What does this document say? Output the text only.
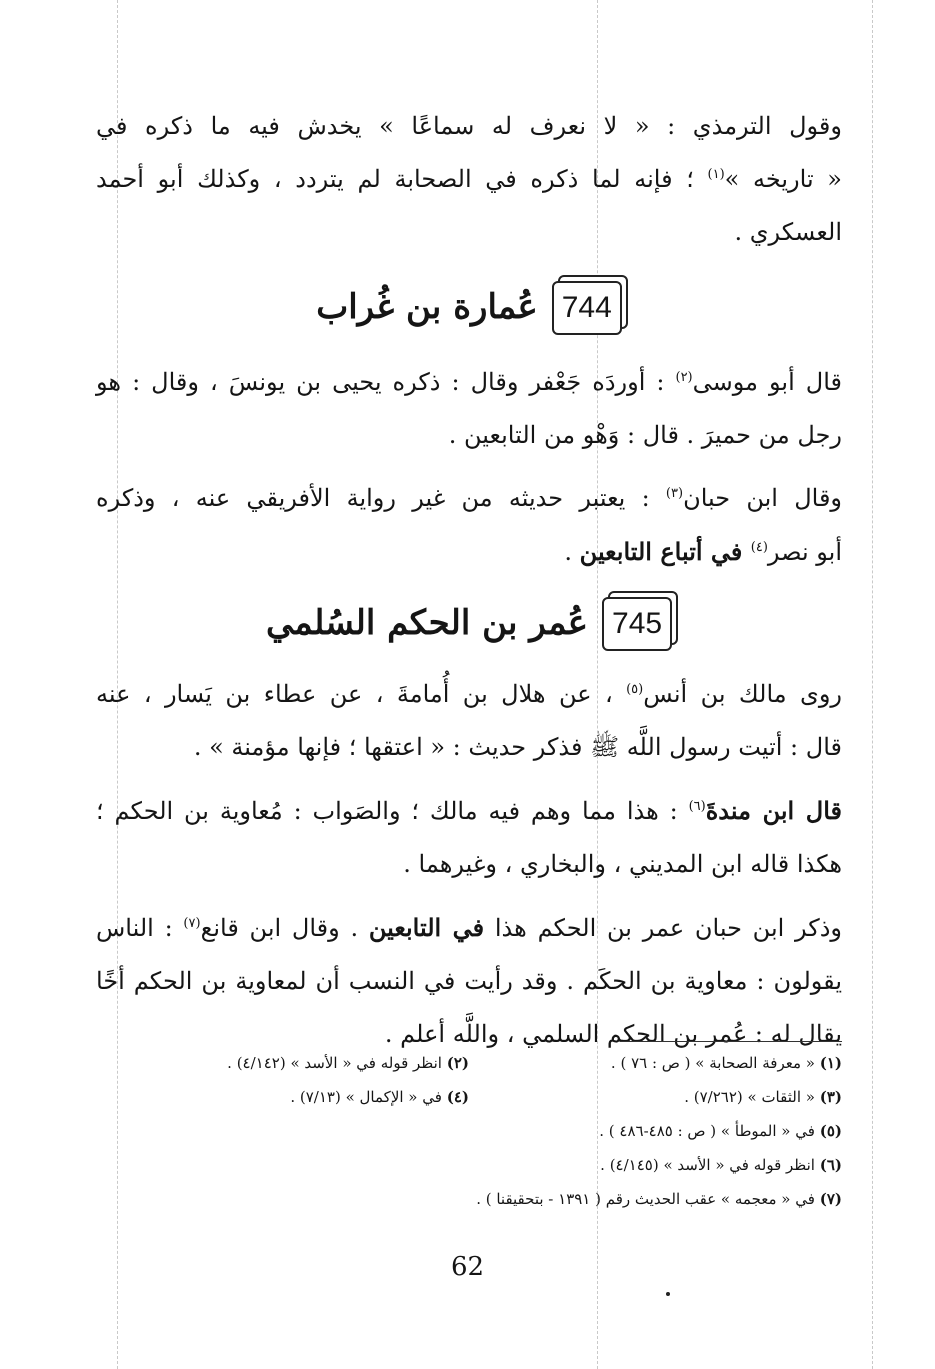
وقول الترمذي : « لا نعرف له سماعًا » يخدش فيه ما ذكره في
« تاريخه »$^{(١)}$ ؛ فإنه لما ذكره في الصحابة لم يتردد ، وكذلك أبو أحمد
العسكري .
744
عُمارة بن غُراب
قال أبو موسى$^{(٢)}$ : أوردَه جَعْفر وقال : ذكره يحيى بن يونسَ ، وقال : هو
رجل من حميرَ . قال : وَهْو من التابعين .
وقال ابن حبان$^{(٣)}$ : يعتبر حديثه من غير رواية الأفريقي عنه ، وذكره
أبو نصر$^{(٤)}$ في أتباع التابعين .
745
عُمر بن الحكم السُلمي
روى مالك بن أنس$^{(٥)}$ ، عن هلال بن أُمامةَ ، عن عطاء بن يَسار ، عنه
قال : أتيت رسول اللَّه ﷺ فذكر حديث : « اعتقها ؛ فإنها مؤمنة » .
قال ابن مندةَ$^{(٦)}$ : هذا مما وهم فيه مالك ؛ والصَواب : مُعاوية بن الحكم ؛
هكذا قاله ابن المديني ، والبخاري ، وغيرهما .
وذكر ابن حبان عمر بن الحكم هذا في التابعين . وقال ابن قانع$^{(٧)}$ : الناس
يقولون : معاوية بن الحكَم . وقد رأيت في النسب أن لمعاوية بن الحكم أخًا
يقال له : عُمر بن الحكم السلمي ، واللَّه أعلم .
(١) « معرفة الصحابة » ( ص : ٧٦ ) .
(٢) انظر قوله في « الأسد » (٤/١٤٢) .
(٣) « الثقات » (٧/٢٦٢) .
(٤) في « الإكمال » (٧/١٣) .
(٥) في « الموطأ » ( ص : ٤٨٥-٤٨٦ ) .
(٦) انظر قوله في « الأسد » (٤/١٤٥) .
(٧) في « معجمه » عقب الحديث رقم ( ١٣٩١ - بتحقيقنا ) .
62
